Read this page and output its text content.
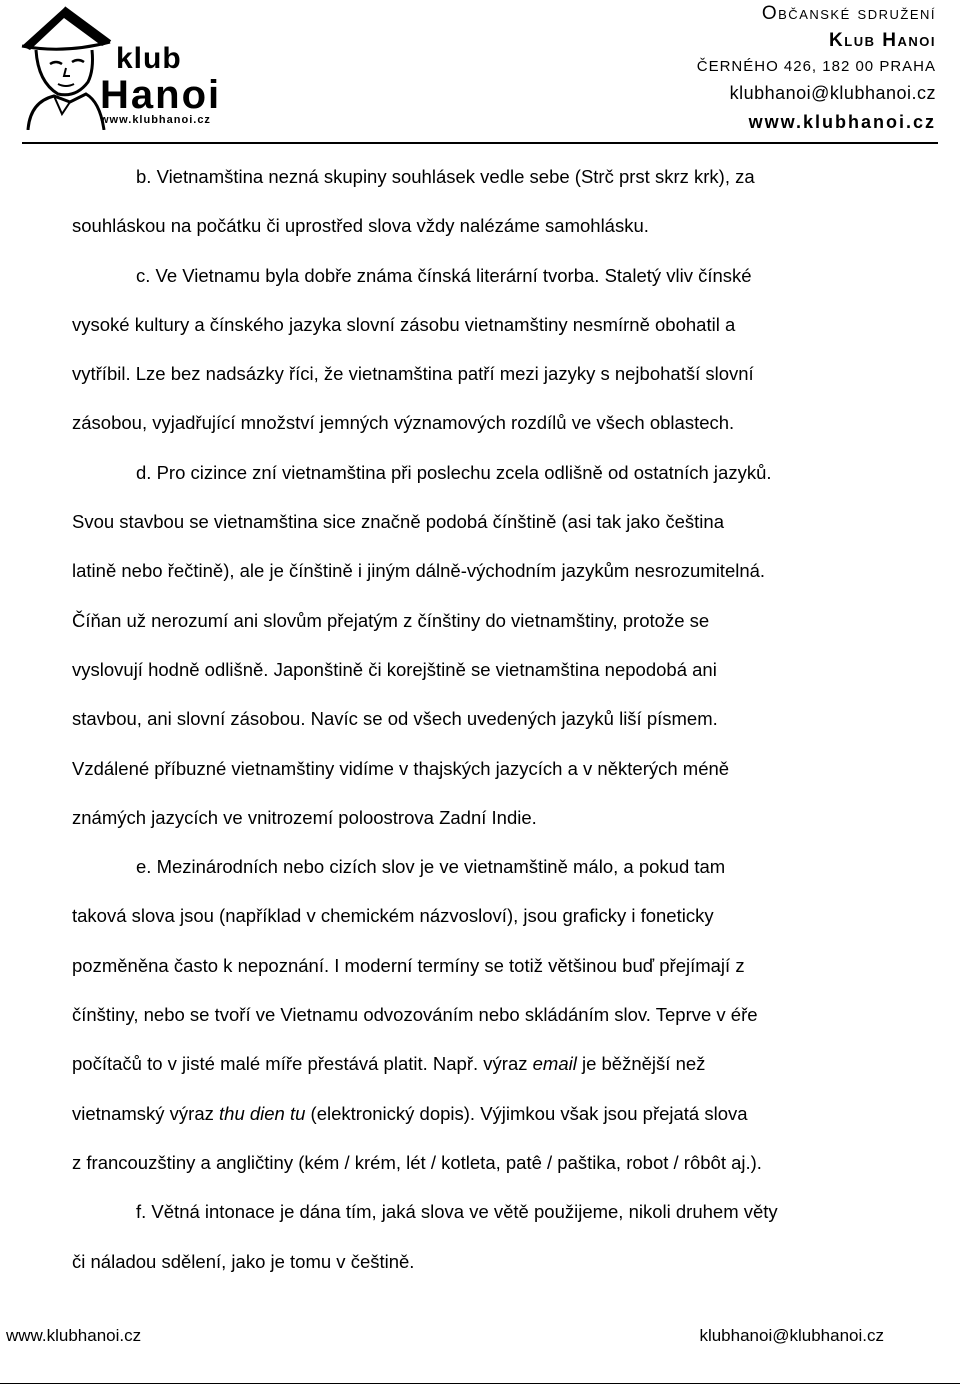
klub
Hanoi
www.klubhanoi.cz
Občanské sdružení
Klub Hanoi
ČERNÉHO 426, 182 00 PRAHA
klubhanoi@klubhanoi.cz
www.klubhanoi.cz
b. Vietnamština nezná skupiny souhlásek vedle sebe (Strč prst skrz krk), za
souhláskou na počátku či uprostřed slova vždy nalézáme samohlásku.
c. Ve Vietnamu byla dobře známa čínská literární tvorba. Staletý vliv čínské
vysoké kultury a čínského jazyka slovní zásobu vietnamštiny nesmírně obohatil a
vytříbil. Lze bez nadsázky říci, že vietnamština patří mezi jazyky s nejbohatší slovní
zásobou, vyjadřující množství jemných významových rozdílů ve všech oblastech.
d. Pro cizince zní vietnamština při poslechu zcela odlišně od ostatních jazyků.
Svou stavbou se vietnamština sice značně podobá čínštině (asi tak jako čeština
latině nebo řečtině), ale je čínštině i jiným dálně-východním jazykům nesrozumitelná.
Číňan už nerozumí ani slovům přejatým z čínštiny do vietnamštiny, protože se
vyslovují hodně odlišně. Japonštině či korejštině se vietnamština nepodobá ani
stavbou, ani slovní zásobou. Navíc se od všech uvedených jazyků liší písmem.
Vzdálené příbuzné vietnamštiny vidíme v thajských jazycích a v některých méně
známých jazycích ve vnitrozemí poloostrova Zadní Indie.
e. Mezinárodních nebo cizích slov je ve vietnamštině málo, a pokud tam
taková slova jsou (například v chemickém názvosloví), jsou graficky i foneticky
pozměněna často k nepoznání. I moderní termíny se totiž většinou buď přejímají z
čínštiny, nebo se tvoří ve Vietnamu odvozováním nebo skládáním slov. Teprve v éře
počítačů to v jisté malé míře přestává platit. Např. výraz email je běžnější než
vietnamský výraz thu dien tu (elektronický dopis). Výjimkou však jsou přejatá slova
z francouzštiny a angličtiny (kém / krém, lét / kotleta, patê / paštika, robot / rôbôt aj.).
f. Větná intonace je dána tím, jaká slova ve větě použijeme, nikoli druhem věty
či náladou sdělení, jako je tomu v češtině.
www.klubhanoi.cz	klubhanoi@klubhanoi.cz
